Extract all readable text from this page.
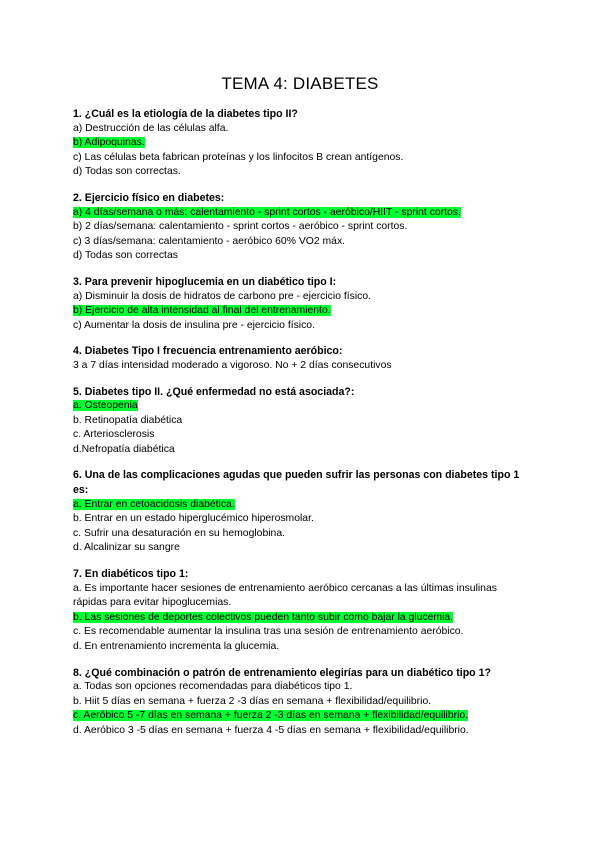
TEMA 4: DIABETES
1. ¿Cuál es la etiología de la diabetes tipo II?
a) Destrucción de las células alfa.
b) Adipoquinas.
c) Las células beta fabrican proteínas y los linfocitos B crean antígenos.
d) Todas son correctas.
2. Ejercicio físico en diabetes:
a) 4 días/semana o más: calentamiento - sprint cortos - aeróbico/HIIT - sprint cortos.
b) 2 días/semana: calentamiento - sprint cortos - aeróbico - sprint cortos.
c) 3 días/semana: calentamiento - aeróbico 60% VO2 máx.
d) Todas son correctas
3. Para prevenir hipoglucemia en un diabético tipo I:
a) Disminuir la dosis de hidratos de carbono pre - ejercicio físico.
b) Ejercicio de alta intensidad al final del entrenamiento.
c) Aumentar la dosis de insulina pre - ejercicio físico.
4. Diabetes Tipo I frecuencia entrenamiento aeróbico:
3 a 7 días intensidad moderado a vigoroso. No + 2 días consecutivos
5. Diabetes tipo II. ¿Qué enfermedad no está asociada?:
a. Osteopenia
b. Retinopatía diabética
c. Arteriosclerosis
d.Nefropatía diabética
6. Una de las complicaciones agudas que pueden sufrir las personas con diabetes tipo 1 es:
a. Entrar en cetoacidosis diabética.
b. Entrar en un estado hiperglucémico hiperosmolar.
c. Sufrir una desaturación en su hemoglobina.
d. Alcalinizar su sangre
7. En diabéticos tipo 1:
a. Es importante hacer sesiones de entrenamiento aeróbico cercanas a las últimas insulinas rápidas para evitar hipoglucemias.
b. Las sesiones de deportes colectivos pueden tanto subir como bajar la glucemia.
c. Es recomendable aumentar la insulina tras una sesión de entrenamiento aeróbico.
d. En entrenamiento incrementa la glucemia.
8. ¿Qué combinación o patrón de entrenamiento elegirías para un diabético tipo 1?
a. Todas son opciones recomendadas para diabéticos tipo 1.
b. Hiit 5 días en semana + fuerza 2 -3 días en semana + flexibilidad/equilibrio.
c. Aeróbico 5 -7 días en semana + fuerza 2 -3 días en semana + flexibilidad/equilibrio.
d. Aeróbico 3 -5 días en semana + fuerza 4 -5 días en semana + flexibilidad/equilibrio.
